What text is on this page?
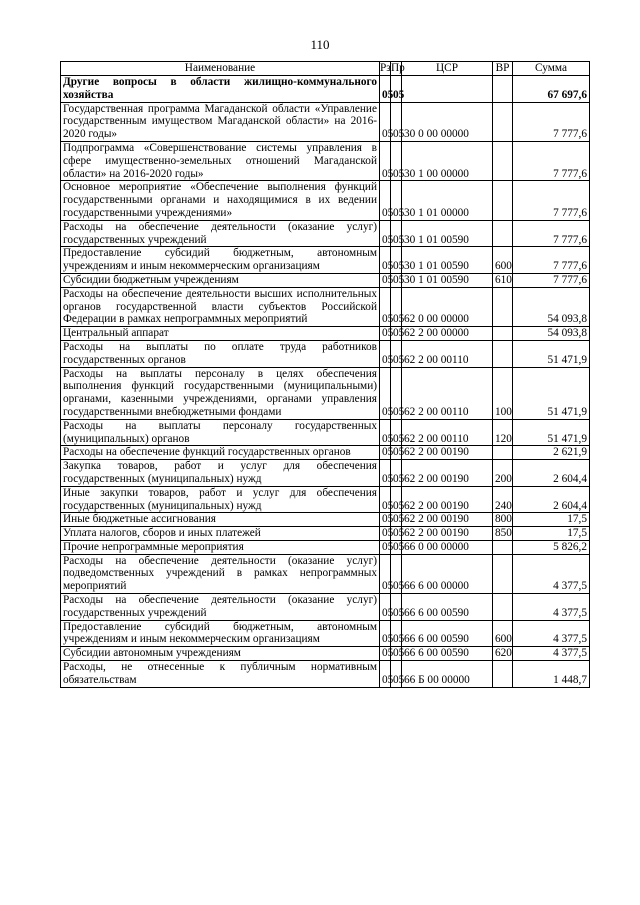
110
Наименование	Рз	Пр	ЦСР	ВР	Сумма
Другие вопросы в области жилищно-коммунального хозяйства	05	05			67 697,6
Государственная программа Магаданской области «Управление государственным имуществом Магаданской области» на 2016-2020 годы»	05	05	30 0 00 00000		7 777,6
Подпрограмма «Совершенствование системы управления в сфере имущественно-земельных отношений Магаданской области» на 2016-2020 годы»	05	05	30 1 00 00000		7 777,6
Основное мероприятие «Обеспечение выполнения функций государственными органами и находящимися в их ведении государственными учреждениями»	05	05	30 1 01 00000		7 777,6
Расходы на обеспечение деятельности (оказание услуг) государственных учреждений	05	05	30 1 01 00590		7 777,6
Предоставление субсидий бюджетным, автономным учреждениям и иным некоммерческим организациям	05	05	30 1 01 00590	600	7 777,6
Субсидии бюджетным учреждениям	05	05	30 1 01 00590	610	7 777,6
Расходы на обеспечение деятельности высших исполнительных органов государственной власти субъектов Российской Федерации в рамках непрограммных мероприятий	05	05	62 0 00 00000		54 093,8
Центральный аппарат	05	05	62 2 00 00000		54 093,8
Расходы на выплаты по оплате труда работников государственных органов	05	05	62 2 00 00110		51 471,9
Расходы на выплаты персоналу в целях обеспечения выполнения функций государственными (муниципальными) органами, казенными учреждениями, органами управления государственными внебюджетными фондами	05	05	62 2 00 00110	100	51 471,9
Расходы на выплаты персоналу государственных (муниципальных) органов	05	05	62 2 00 00110	120	51 471,9
Расходы на обеспечение функций государственных органов	05	05	62 2 00 00190		2 621,9
Закупка товаров, работ и услуг для обеспечения государственных (муниципальных) нужд	05	05	62 2 00 00190	200	2 604,4
Иные закупки товаров, работ и услуг для обеспечения государственных (муниципальных) нужд	05	05	62 2 00 00190	240	2 604,4
Иные бюджетные ассигнования	05	05	62 2 00 00190	800	17,5
Уплата налогов, сборов и иных платежей	05	05	62 2 00 00190	850	17,5
Прочие непрограммные мероприятия	05	05	66 0 00 00000		5 826,2
Расходы на обеспечение деятельности (оказание услуг) подведомственных учреждений в рамках непрограммных мероприятий	05	05	66 6 00 00000		4 377,5
Расходы на обеспечение деятельности (оказание услуг) государственных учреждений	05	05	66 6 00 00590		4 377,5
Предоставление субсидий бюджетным, автономным учреждениям и иным некоммерческим организациям	05	05	66 6 00 00590	600	4 377,5
Субсидии автономным учреждениям	05	05	66 6 00 00590	620	4 377,5
Расходы, не отнесенные к публичным нормативным обязательствам	05	05	66 Б 00 00000		1 448,7
